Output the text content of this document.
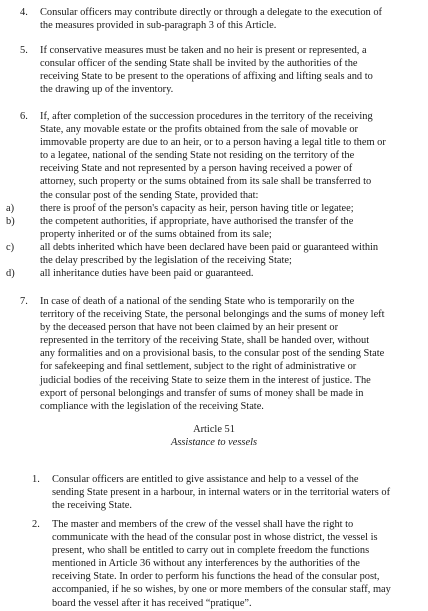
4. Consular officers may contribute directly or through a delegate to the execution of
the measures provided in sub-paragraph 3 of this Article.
5. If conservative measures must be taken and no heir is present or represented, a
consular officer of the sending State shall be invited by the authorities of the
receiving State to be present to the operations of affixing and lifting seals and to
the drawing up of the inventory.
6. If, after completion of the succession procedures in the territory of the receiving
State, any movable estate or the profits obtained from the sale of movable or
immovable property are due to an heir, or to a person having a legal title to them or
to a legatee, national of the sending State not residing on the territory of the
receiving State and not represented by a person having received a power of
attorney, such property or the sums obtained from its sale shall be transferred to
the consular post of the sending State, provided that:
a) there is proof of the person's capacity as heir, person having title or legatee;
b) the competent authorities, if appropriate, have authorised the transfer of the
property inherited or of the sums obtained from its sale;
c) all debts inherited which have been declared have been paid or guaranteed within
the delay prescribed by the legislation of the receiving State;
d) all inheritance duties have been paid or guaranteed.
7. In case of death of a national of the sending State who is temporarily on the
territory of the receiving State, the personal belongings and the sums of money left
by the deceased person that have not been claimed by an heir present or
represented in the territory of the receiving State, shall be handed over, without
any formalities and on a provisional basis, to the consular post of the sending State
for safekeeping and final settlement, subject to the right of administrative or
judicial bodies of the receiving State to seize them in the interest of justice. The
export of personal belongings and transfer of sums of money shall be made in
compliance with the legislation of the receiving State.
Article 51
Assistance to vessels
1. Consular officers are entitled to give assistance and help to a vessel of the
sending State present in a harbour, in internal waters or in the territorial waters of
the receiving State.
2. The master and members of the crew of the vessel shall have the right to
communicate with the head of the consular post in whose district, the vessel is
present, who shall be entitled to carry out in complete freedom the functions
mentioned in Article 36 without any interferences by the authorities of the
receiving State. In order to perform his functions the head of the consular post,
accompanied, if he so wishes, by one or more members of the consular staff, may
board the vessel after it has received “pratique”.
